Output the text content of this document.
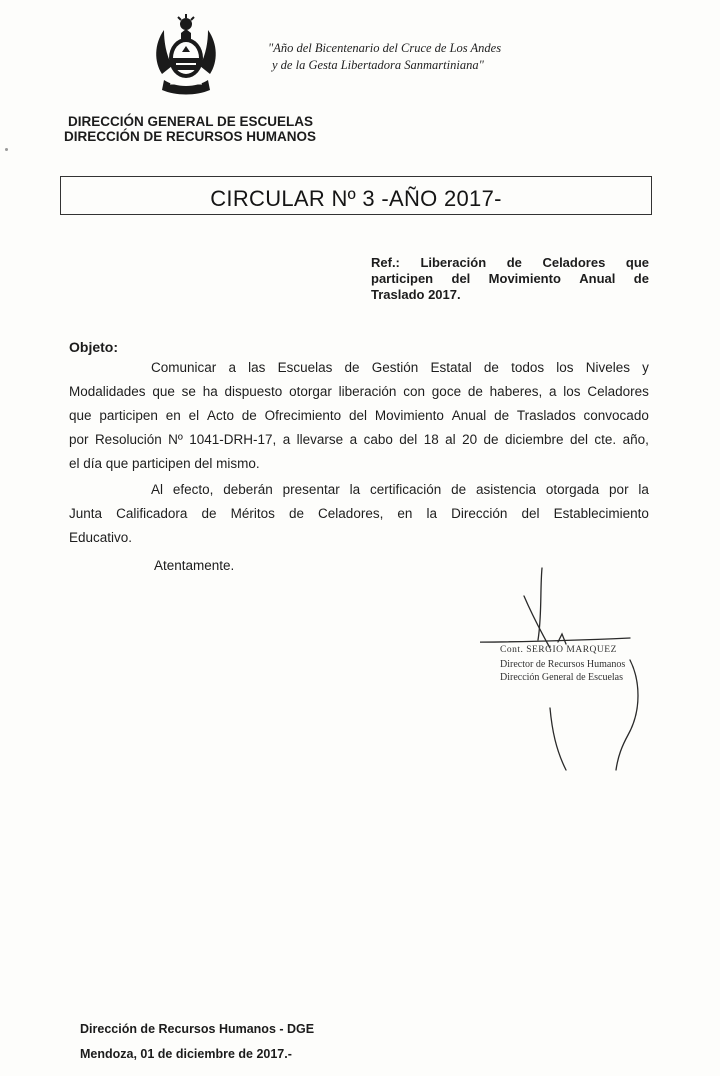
"Año del Bicentenario del Cruce de Los Andes
y de la Gesta Libertadora Sanmartiniana"
DIRECCIÓN GENERAL DE ESCUELAS
DIRECCIÓN DE RECURSOS HUMANOS
CIRCULAR Nº 3 -AÑO 2017-
Ref.: Liberación de Celadores que
participen del Movimiento Anual de
Traslado 2017.
Objeto:
Comunicar a las Escuelas de Gestión Estatal de todos los Niveles y
Modalidades que se ha dispuesto otorgar liberación con goce de haberes, a los Celadores
que participen en el Acto de Ofrecimiento del Movimiento Anual de Traslados convocado
por Resolución Nº 1041-DRH-17, a llevarse a cabo del 18 al 20 de diciembre del cte. año,
el día que participen del mismo.
Al efecto, deberán presentar la certificación de asistencia otorgada por la
Junta Calificadora de Méritos de Celadores, en la Dirección del Establecimiento
Educativo.
Atentamente.
Cont. SERGIO MARQUEZ
Director de Recursos Humanos
Dirección General de Escuelas
Dirección de Recursos Humanos - DGE
Mendoza, 01 de diciembre de 2017.-
